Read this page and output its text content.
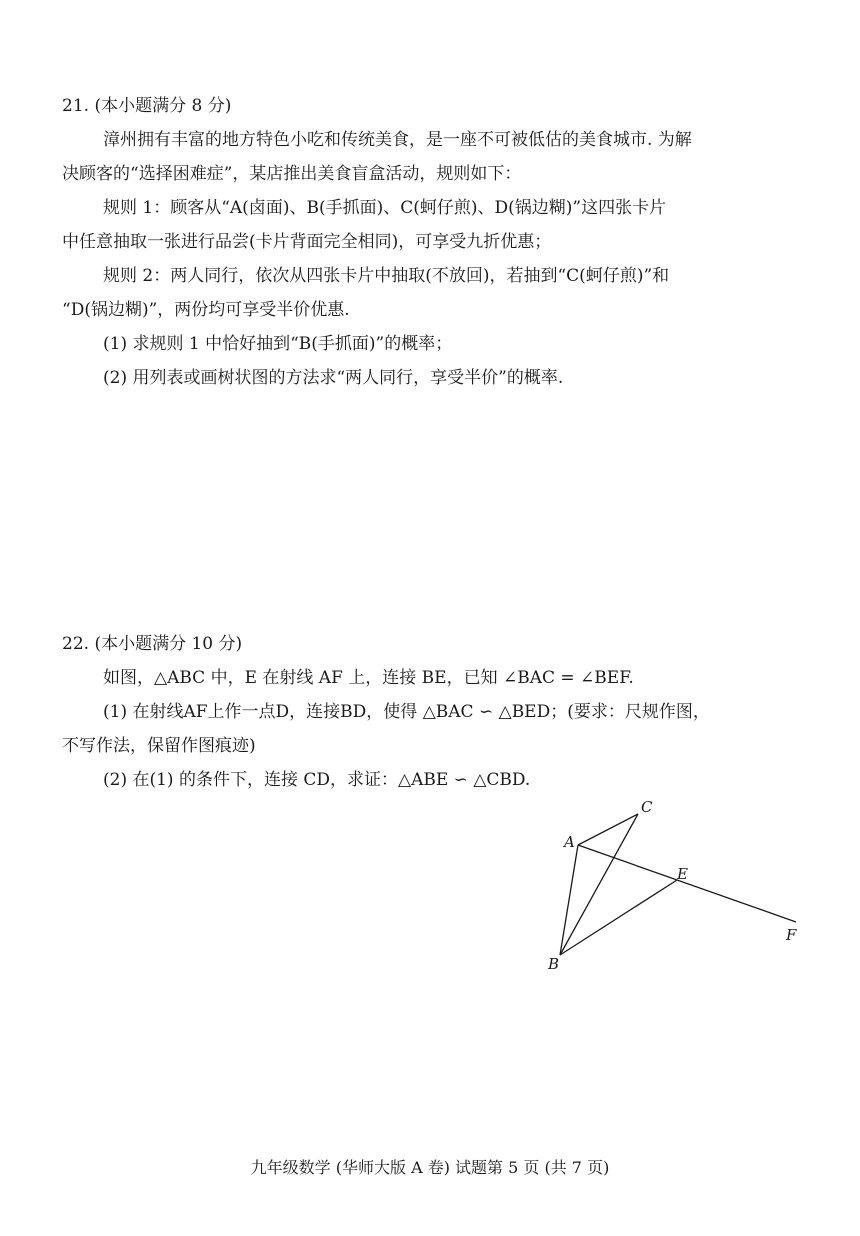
21. (本小题满分 8 分)
漳州拥有丰富的地方特色小吃和传统美食，是一座不可被低估的美食城市. 为解
决顾客的“选择困难症”，某店推出美食盲盒活动，规则如下：
规则 1：顾客从“A(卤面)、B(手抓面)、C(蚵仔煎)、D(锅边糊)”这四张卡片
中任意抽取一张进行品尝(卡片背面完全相同)，可享受九折优惠；
规则 2：两人同行，依次从四张卡片中抽取(不放回)，若抽到“C(蚵仔煎)”和
“D(锅边糊)”，两份均可享受半价优惠.
(1) 求规则 1 中恰好抽到“B(手抓面)”的概率；
(2) 用列表或画树状图的方法求“两人同行，享受半价”的概率.
22. (本小题满分 10 分)
如图，△ABC 中，E 在射线 AF 上，连接 BE，已知 ∠BAC = ∠BEF.
(1) 在射线AF上作一点D，连接BD，使得 △BAC ∽ △BED；(要求：尺规作图，
不写作法，保留作图痕迹)
(2) 在(1) 的条件下，连接 CD，求证：△ABE ∽ △CBD.
A
C
E
F
B
九年级数学 (华师大版 A 卷) 试题第 5 页 (共 7 页)
